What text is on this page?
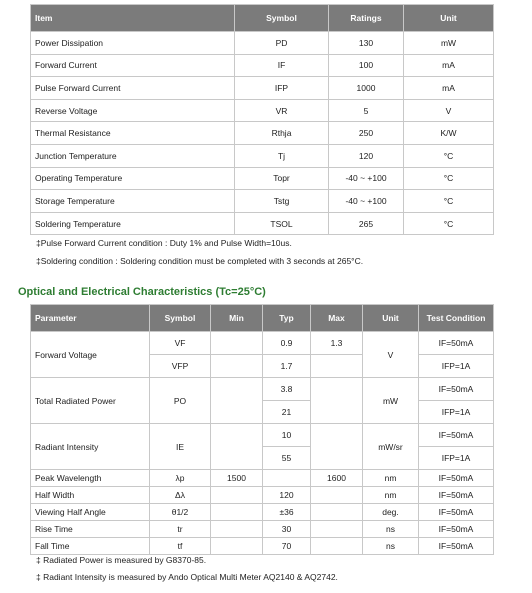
Item	Symbol	Ratings	Unit
Power Dissipation	PD	130	mW
Forward Current	IF	100	mA
Pulse Forward Current	IFP	1000	mA
Reverse Voltage	VR	5	V
Thermal Resistance	Rthja	250	K/W
Junction Temperature	Tj	120	°C
Operating Temperature	Topr	-40 ~ +100	°C
Storage Temperature	Tstg	-40 ~ +100	°C
Soldering Temperature	TSOL	265	°C
‡Pulse Forward Current condition : Duty 1% and Pulse Width=10us.
‡Soldering condition : Soldering condition must be completed with 3 seconds at 265°C.
Optical and Electrical Characteristics (Tc=25°C)
Parameter	Symbol	Min	Typ	Max	Unit	Test Condition
Forward Voltage	VF		0.9	1.3	V	IF=50mA
	VFP		1.7			IFP=1A
Total Radiated Power	PO		3.8		mW	IF=50mA
			21			IFP=1A
Radiant Intensity	IE		10		mW/sr	IF=50mA
			55			IFP=1A
Peak Wavelength	λp	1500		1600	nm	IF=50mA
Half Width	Δλ		120		nm	IF=50mA
Viewing Half Angle	θ1/2		±36		deg.	IF=50mA
Rise Time	tr		30		ns	IF=50mA
Fall Time	tf		70		ns	IF=50mA
‡ Radiated Power is measured by G8370-85.
‡ Radiant Intensity is measured by Ando Optical Multi Meter AQ2140 & AQ2742.
